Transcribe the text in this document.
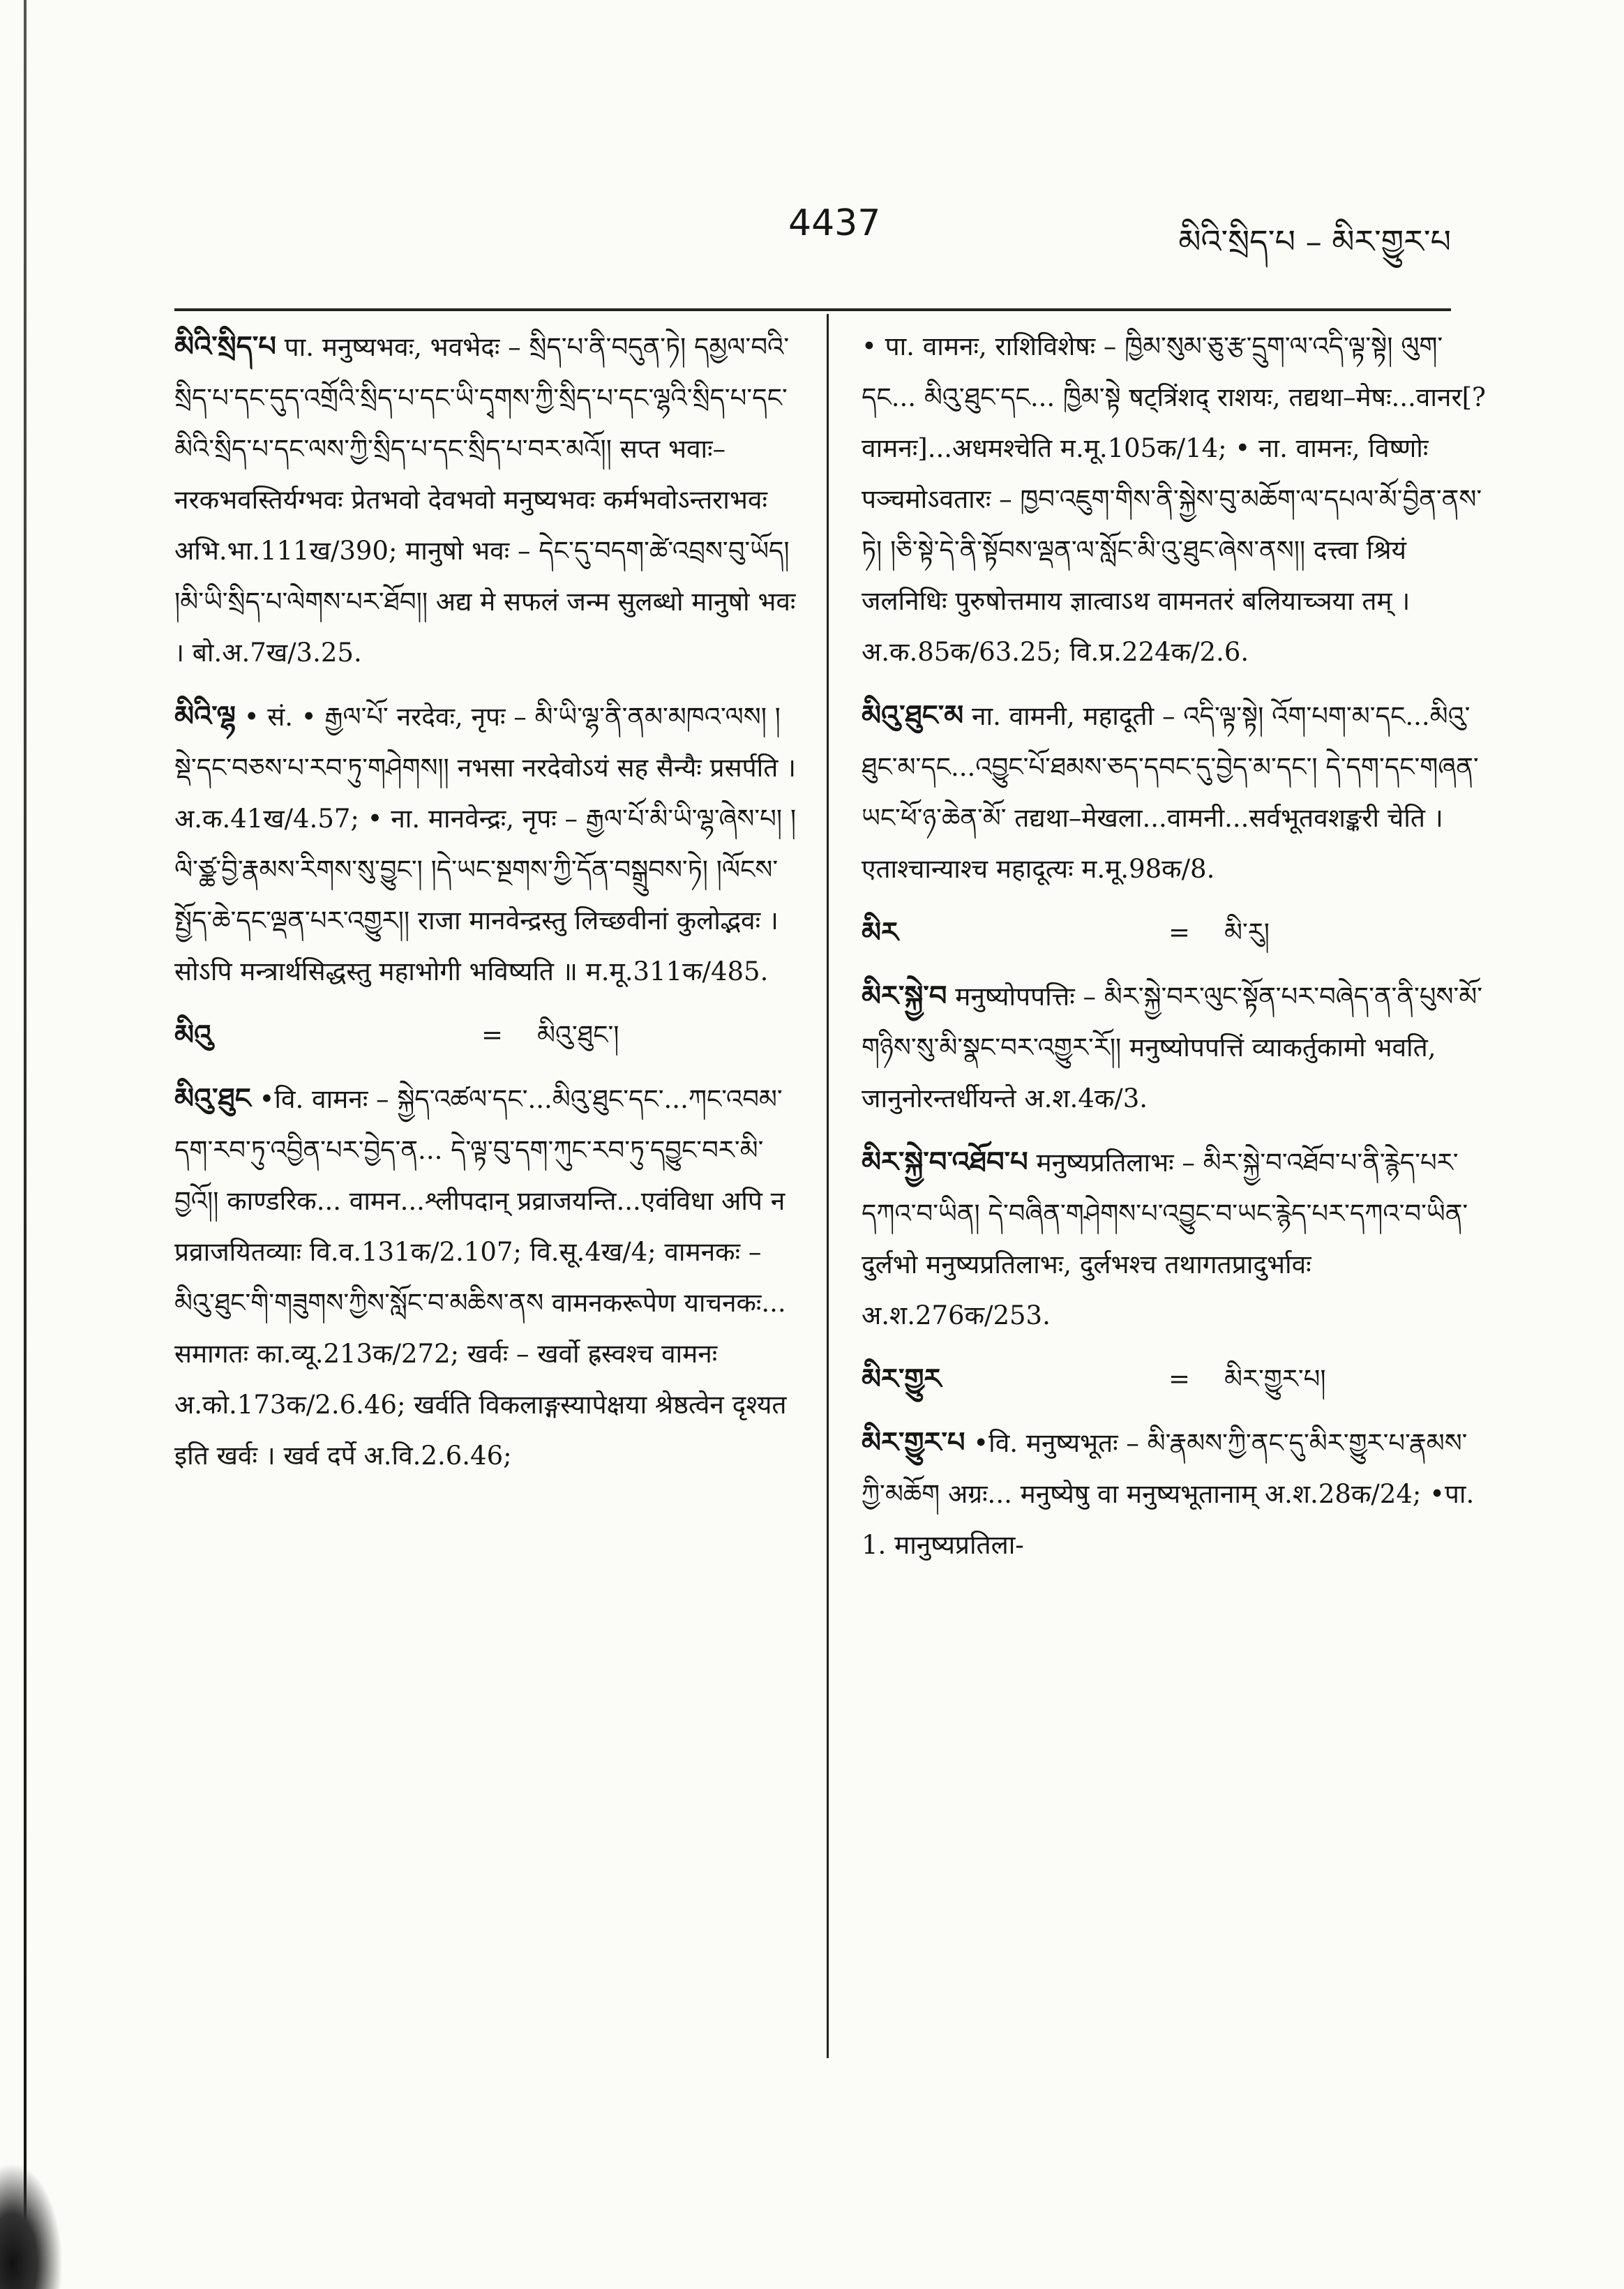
4437	མིའི་སྲིད་པ – མིར་གྱུར་པ

མིའི་སྲིད་པ पा. मनुष्यभवः, भवभेदः – སྲིད་པ་ནི་བདུན་ཏེ། དམྱལ་བའི་སྲིད་པ་དང་དུད་འགྲོའི་སྲིད་པ་དང་ཡི་དྭགས་ཀྱི་སྲིད་པ་དང་ལྷའི་སྲིད་པ་དང་མིའི་སྲིད་པ་དང་ལས་ཀྱི་སྲིད་པ་དང་སྲིད་པ་བར་མའོ།། सप्त भवाः–नरकभवस्तिर्यग्भवः प्रेतभवो देवभवो मनुष्यभवः कर्मभवोऽन्तराभवः अभि.भा.111ख/390; मानुषो भवः – དེང་དུ་བདག་ཚེ་འབྲས་བུ་ཡོད། །མི་ཡི་སྲིད་པ་ལེགས་པར་ཐོབ།། अद्य मे सफलं जन्म सुलब्धो मानुषो भवः । बो.अ.7ख/3.25.

མིའི་ལྷ • सं. • རྒྱལ་པོ་ नरदेवः, नृपः – མི་ཡི་ལྷ་ནི་ནམ་མཁའ་ལས། །སྡེ་དང་བཅས་པ་རབ་ཏུ་གཤེགས།། नभसा नरदेवोऽयं सह सैन्यैः प्रसर्पति । अ.क.41ख/4.57; • ना. मानवेन्द्रः, नृपः – རྒྱལ་པོ་མི་ཡི་ལྷ་ཞེས་པ། །ལི་ཙྪ་བྱི་རྣམས་རིགས་སུ་བྱུང་། །དེ་ཡང་སྔགས་ཀྱི་དོན་བསྒྲུབས་ཏེ། །ལོངས་སྤྱོད་ཆེ་དང་ལྡན་པར་འགྱུར།། राजा मानवेन्द्रस्तु लिच्छवीनां कुलोद्भवः । सोऽपि मन्त्रार्थसिद्धस्तु महाभोगी भविष्यति ॥ म.मू.311क/485.

མིའུ	=	མིའུ་ཐུང་།

མིའུ་ཐུང •वि. वामनः – སྐྱེད་འཚལ་དང་...མིའུ་ཐུང་དང་...ཀང་འབམ་དག་རབ་ཏུ་འབྱིན་པར་བྱེད་ན... དེ་ལྟ་བུ་དག་ཀུང་རབ་ཏུ་དབྱུང་བར་མི་བྱའོ།། काण्डरिक... वामन...श्लीपदान् प्रव्राजयन्ति...एवंविधा अपि न प्रव्राजयितव्याः वि.व.131क/2.107; वि.सू.4ख/4; वामनकः – མིའུ་ཐུང་གི་གཟུགས་ཀྱིས་སློང་བ་མཆིས་ནས वामनकरूपेण याचनकः... समागतः का.व्यू.213क/272; खर्वः – खर्वो ह्रस्वश्च वामनः अ.को.173क/2.6.46; खर्वति विकलाङ्गस्यापेक्षया श्रेष्ठत्वेन दृश्यत इति खर्वः । खर्व दर्पे अ.वि.2.6.46;

• पा. वामनः, राशिविशेषः – ཁྱིམ་སུམ་ཅུ་རྩ་དྲུག་ལ་འདི་ལྟ་སྟེ། ལུག་དང... མིའུ་ཐུང་དང... ཁྱིམ་སྟེ षट्त्रिंशद् राशयः, तद्यथा–मेषः...वानर[?वामनः]...अधमश्चेति म.मू.105क/14; • ना. वामनः, विष्णोः पञ्चमोऽवतारः – ཁྱབ་འཇུག་གིས་ནི་སྐྱེས་བུ་མཆོག་ལ་དཔལ་མོ་བྱིན་ནས་ཏེ། །ཅི་སྟེ་དེ་ནི་སྟོབས་ལྡན་ལ་སློང་མི་འུ་ཐུང་ཞེས་ནས།། दत्त्वा श्रियं जलनिधिः पुरुषोत्तमाय ज्ञात्वाऽथ वामनतरं बलियाच्ञया तम् । अ.क.85क/63.25; वि.प्र.224क/2.6.

མིའུ་ཐུང་མ ना. वामनी, महादूती – འདི་ལྟ་སྟེ། འོག་པག་མ་དང...མིའུ་ཐུང་མ་དང...འབྱུང་པོ་ཐམས་ཅད་དབང་དུ་བྱེད་མ་དང་། དེ་དག་དང་གཞན་ཡང་ཕོ་ཉ་ཆེན་མོ་ तद्यथा–मेखला...वामनी...सर्वभूतवशङ्करी चेति । एताश्चान्याश्च महादूत्यः म.मू.98क/8.

མིར	=	མི་རུ།

མིར་སྐྱེ་བ मनुष्योपपत्तिः – མིར་སྐྱེ་བར་ལུང་སྟོན་པར་བཞེད་ན་ནི་པུས་མོ་གཉིས་སུ་མི་སྣང་བར་འགྱུར་རོ།། मनुष्योपपत्तिं व्याकर्तुकामो भवति, जानुनोरन्तर्धीयन्ते अ.श.4क/3.

མིར་སྐྱེ་བ་འཐོབ་པ मनुष्यप्रतिलाभः – མིར་སྐྱེ་བ་འཐོབ་པ་ནི་རྙེད་པར་དཀའ་བ་ཡིན། དེ་བཞིན་གཤེགས་པ་འབྱུང་བ་ཡང་རྙེད་པར་དཀའ་བ་ཡིན་ दुर्लभो मनुष्यप्रतिलाभः, दुर्लभश्च तथागतप्रादुर्भावः अ.श.276क/253.

མིར་གྱུར	=	མིར་གྱུར་པ།

མིར་གྱུར་པ •वि. मनुष्यभूतः – མི་རྣམས་ཀྱི་ནང་དུ་མིར་གྱུར་པ་རྣམས་ཀྱི་མཆོག अग्रः... मनुष्येषु वा मनुष्यभूतानाम् अ.श.28क/24; •पा. 1. मानुष्यप्रतिला-
